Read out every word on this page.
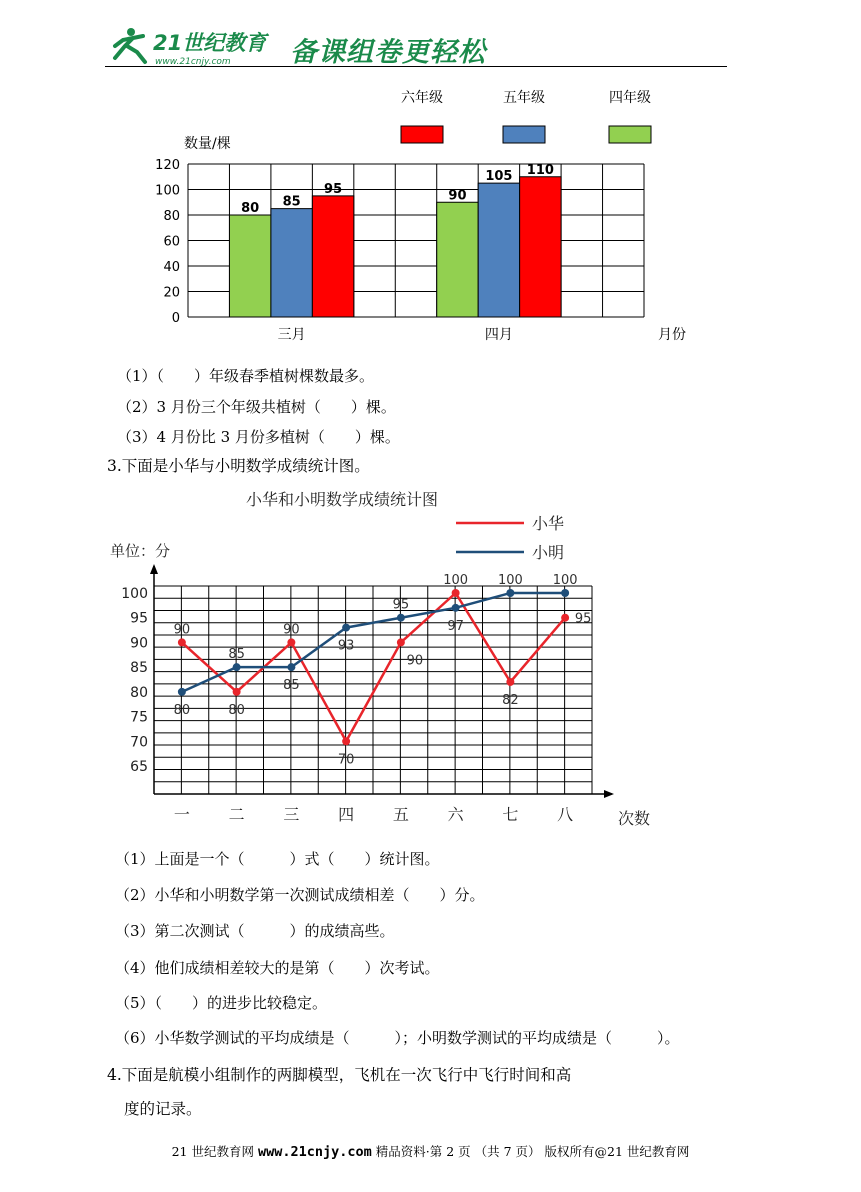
21世纪教育
www.21cnjy.com 备课组卷更轻松
0
20
40
60
80
100
120
数量/棵
月份
80 85
95
三月
90
105 110
四月
六年级	五年级	四年级
（1）（　　）年级春季植树棵数最多。
（2）3 月份三个年级共植树（　　）棵。
（3）4 月份比 3 月份多植树（　　）棵。
3.下面是小华与小明数学成绩统计图。
65
70
75
80
85
90
95
100
单位：分
次数
小华和小明数学成绩统计图
一 二 三 四 五 六 七 八
小华
小明
90
80
90
70
90
100
82
95
80
85
85
93
95
97
100 100
（1）上面是一个（　　　）式（　　）统计图。
（2）小华和小明数学第一次测试成绩相差（　　）分。
（3）第二次测试（　　　）的成绩高些。
（4）他们成绩相差较大的是第（　　）次考试。
（5）（　　）的进步比较稳定。
（6）小华数学测试的平均成绩是（　　　）；小明数学测试的平均成绩是（　　　）。
4.下面是航模小组制作的两脚模型，飞机在一次飞行中飞行时间和高
度的记录。
21 世纪教育网 www.21cnjy.com 精品资料·第 2 页 （共 7 页） 版权所有@21 世纪教育网
